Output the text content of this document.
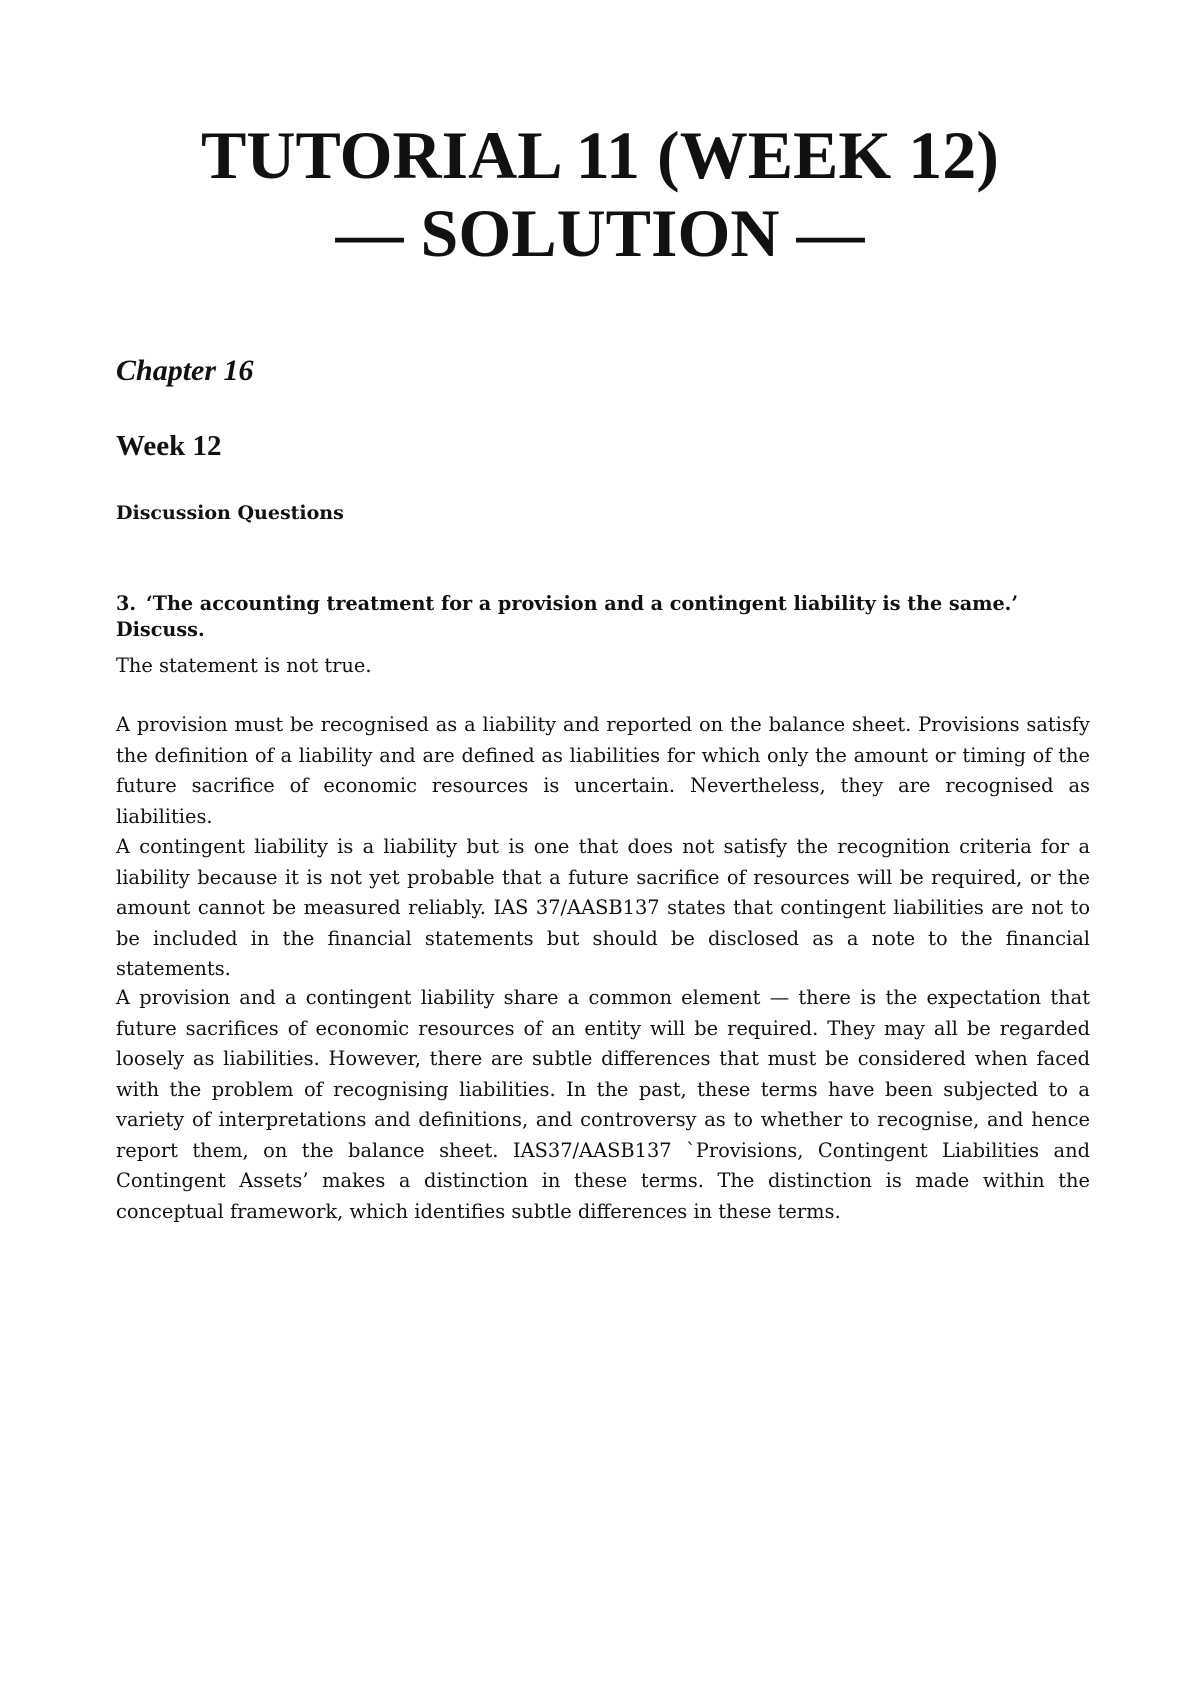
TUTORIAL 11 (WEEK 12)
— SOLUTION —
Chapter 16
Week 12
Discussion Questions

3. ‘The accounting treatment for a provision and a contingent liability is the same.’ Discuss.

The statement is not true.

A provision must be recognised as a liability and reported on the balance sheet. Provisions satisfy the definition of a liability and are defined as liabilities for which only the amount or timing of the future sacrifice of economic resources is uncertain. Nevertheless, they are recognised as liabilities.

A contingent liability is a liability but is one that does not satisfy the recognition criteria for a liability because it is not yet probable that a future sacrifice of resources will be required, or the amount cannot be measured reliably. IAS 37/AASB137 states that contingent liabilities are not to be included in the financial statements but should be disclosed as a note to the financial statements.

A provision and a contingent liability share a common element — there is the expectation that future sacrifices of economic resources of an entity will be required. They may all be regarded loosely as liabilities. However, there are subtle differences that must be considered when faced with the problem of recognising liabilities. In the past, these terms have been subjected to a variety of interpretations and definitions, and controversy as to whether to recognise, and hence report them, on the balance sheet. IAS37/AASB137 `Provisions, Contingent Liabilities and Contingent Assets’ makes a distinction in these terms. The distinction is made within the conceptual framework, which identifies subtle differences in these terms.
